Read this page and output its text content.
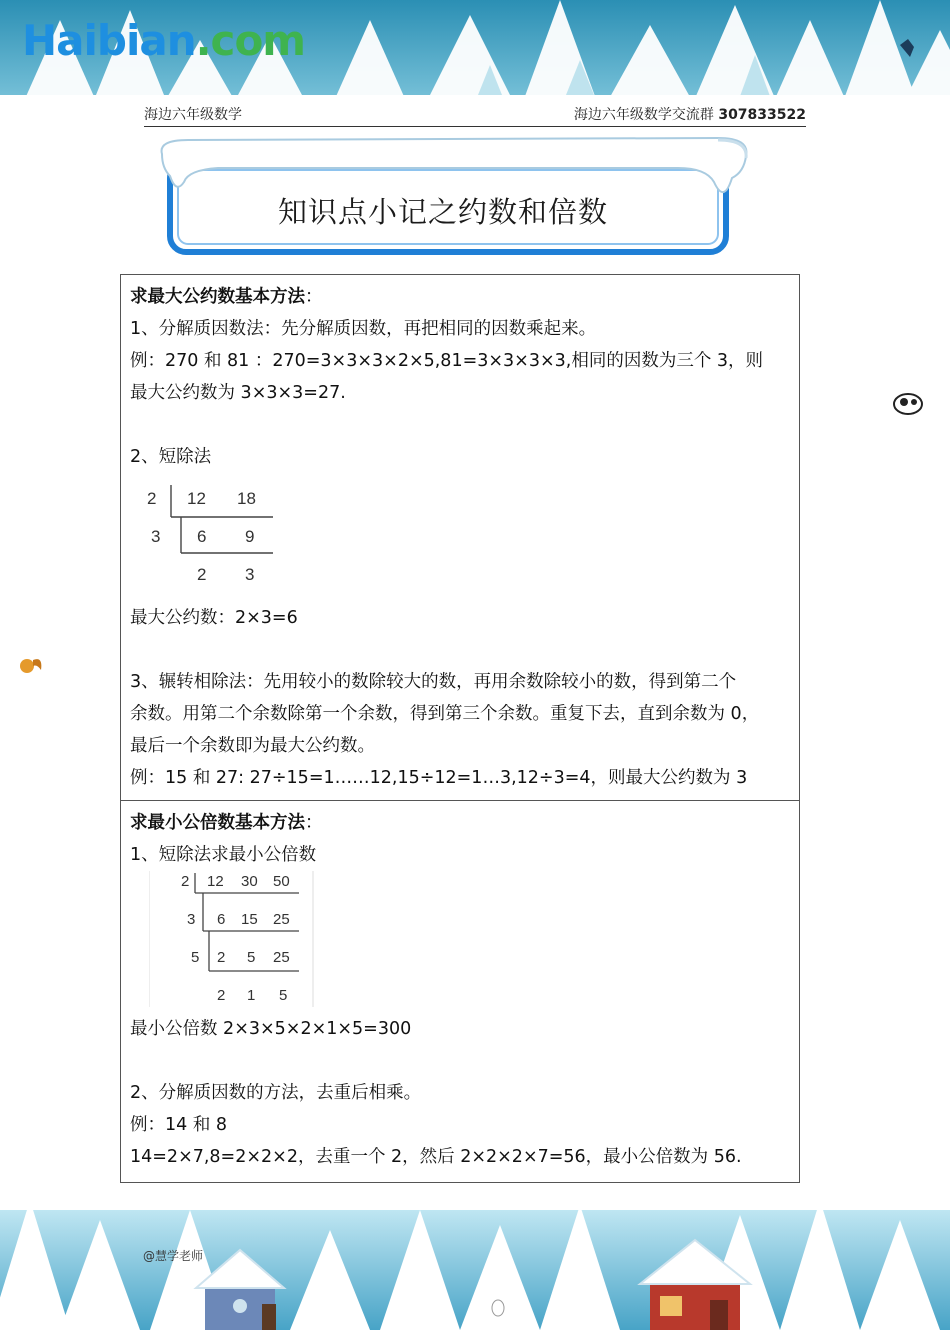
Haibian.com
海边六年级数学	海边六年级数学交流群 307833522
知识点小记之约数和倍数
求最大公约数基本方法：
1、分解质因数法：先分解质因数，再把相同的因数乘起来。
例：270 和 81 ：270=3×3×3×2×5,81=3×3×3×3,相同的因数为三个 3，则
最大公约数为 3×3×3=27.
2、短除法
2 12 18
3 6 9
2 3
最大公约数：2×3=6
3、辗转相除法：先用较小的数除较大的数，再用余数除较小的数，得到第二个
余数。用第二个余数除第一个余数，得到第三个余数。重复下去，直到余数为 0，
最后一个余数即为最大公约数。
例：15 和 27: 27÷15=1……12,15÷12=1…3,12÷3=4，则最大公约数为 3
求最小公倍数基本方法：
1、短除法求最小公倍数
2 12 30 50
3 6 15 25
5 2 5 25
2 1 5
最小公倍数 2×3×5×2×1×5=300
2、分解质因数的方法，去重后相乘。
例：14 和 8
14=2×7,8=2×2×2，去重一个 2，然后 2×2×2×7=56，最小公倍数为 56.
@慧学老师
